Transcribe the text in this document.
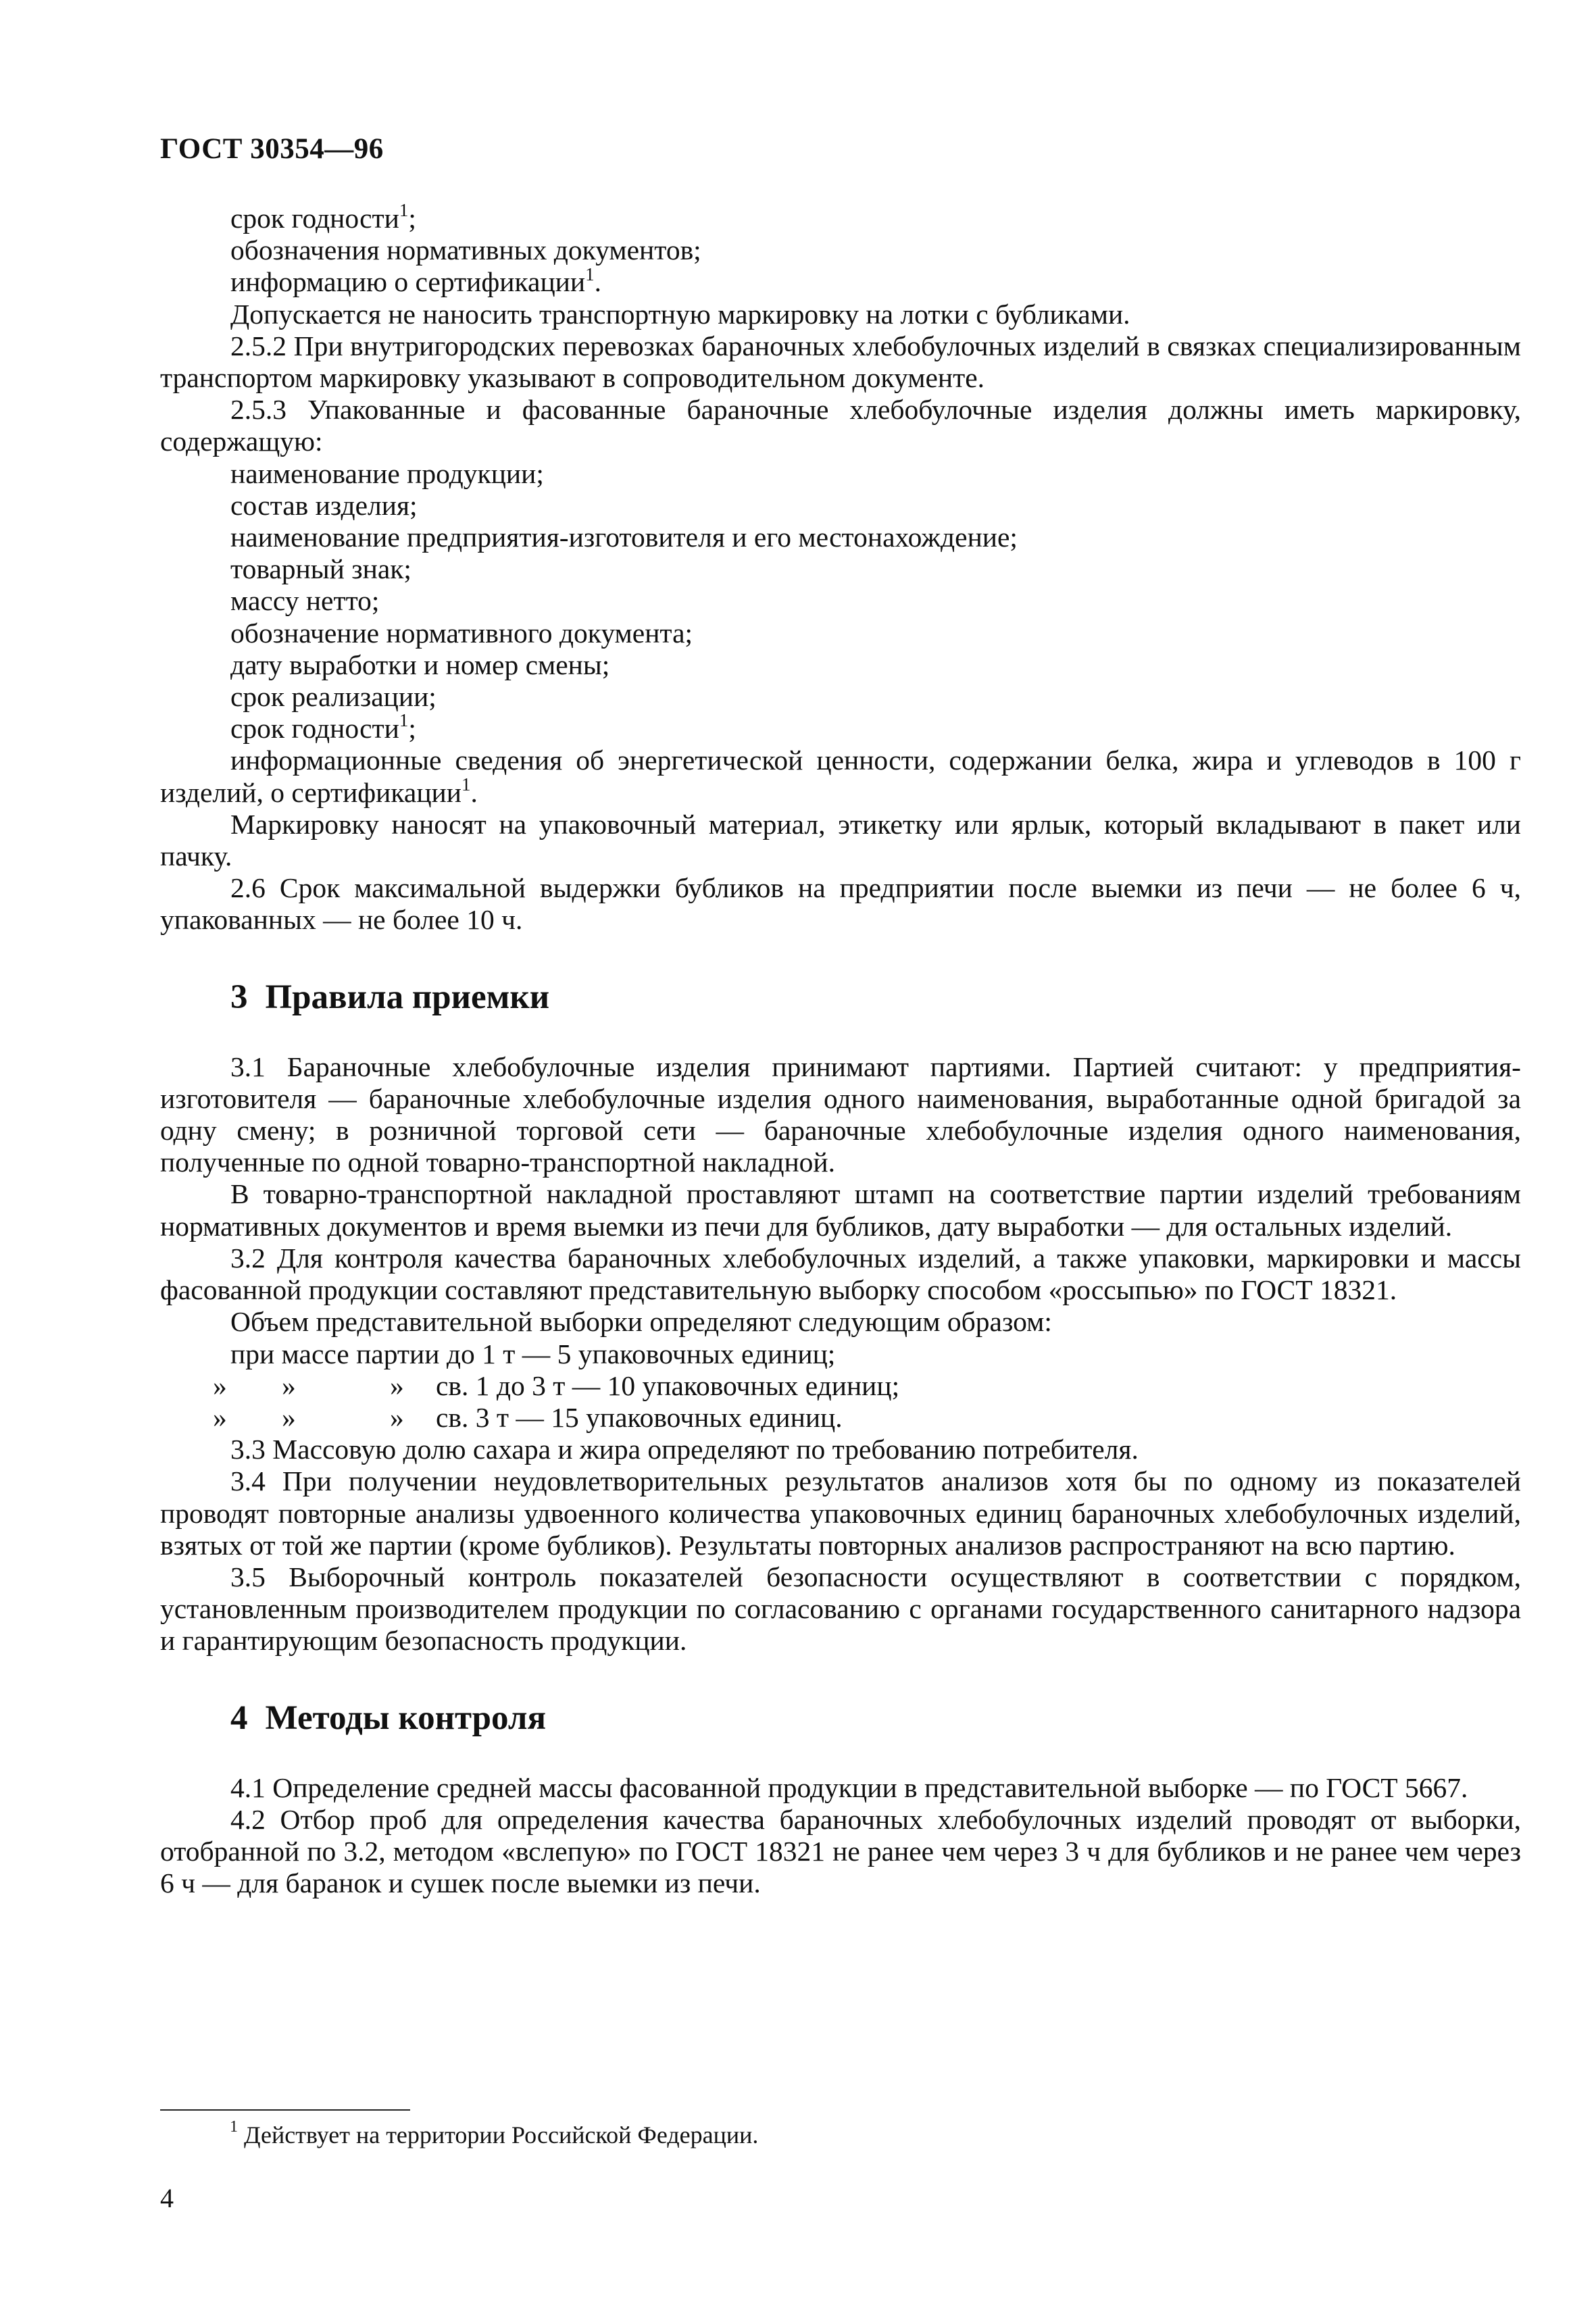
ГОСТ 30354—96

срок годности$^1$;

обозначения нормативных документов;

информацию о сертификации$^1$.

Допускается не наносить транспортную маркировку на лотки с бубликами.

2.5.2 При внутригородских перевозках бараночных хлебобулочных изделий в связках специализированным транспортом маркировку указывают в сопроводительном документе.

2.5.3 Упакованные и фасованные бараночные хлебобулочные изделия должны иметь маркировку, содержащую:

наименование продукции;

состав изделия;

наименование предприятия-изготовителя и его местонахождение;

товарный знак;

массу нетто;

обозначение нормативного документа;

дату выработки и номер смены;

срок реализации;

срок годности$^1$;

информационные сведения об энергетической ценности, содержании белка, жира и углеводов в 100 г изделий, о сертификации$^1$.

Маркировку наносят на упаковочный материал, этикетку или ярлык, который вкладывают в пакет или пачку.

2.6 Срок максимальной выдержки бубликов на предприятии после выемки из печи — не более 6 ч, упакованных — не более 10 ч.

3 Правила приемки

3.1 Бараночные хлебобулочные изделия принимают партиями. Партией считают: у предприятия-изготовителя — бараночные хлебобулочные изделия одного наименования, выработанные одной бригадой за одну смену; в розничной торговой сети — бараночные хлебобулочные изделия одного наименования, полученные по одной товарно-транспортной накладной.

В товарно-транспортной накладной проставляют штамп на соответствие партии изделий требованиям нормативных документов и время выемки из печи для бубликов, дату выработки — для остальных изделий.

3.2 Для контроля качества бараночных хлебобулочных изделий, а также упаковки, маркировки и массы фасованной продукции составляют представительную выборку способом «россыпью» по ГОСТ 18321.

Объем представительной выборки определяют следующим образом:

при массе партии до 1 т — 5 упаковочных единиц;

» »	» св. 1 до 3 т — 10 упаковочных единиц;

» »	» св. 3 т — 15 упаковочных единиц.

3.3 Массовую долю сахара и жира определяют по требованию потребителя.

3.4 При получении неудовлетворительных результатов анализов хотя бы по одному из показателей проводят повторные анализы удвоенного количества упаковочных единиц бараночных хлебобулочных изделий, взятых от той же партии (кроме бубликов). Результаты повторных анализов распространяют на всю партию.

3.5 Выборочный контроль показателей безопасности осуществляют в соответствии с порядком, установленным производителем продукции по согласованию с органами государственного санитарного надзора и гарантирующим безопасность продукции.

4 Методы контроля

4.1 Определение средней массы фасованной продукции в представительной выборке — по ГОСТ 5667.

4.2 Отбор проб для определения качества бараночных хлебобулочных изделий проводят от выборки, отобранной по 3.2, методом «вслепую» по ГОСТ 18321 не ранее чем через 3 ч для бубликов и не ранее чем через 6 ч — для баранок и сушек после выемки из печи.

$^1$ Действует на территории Российской Федерации.
4
